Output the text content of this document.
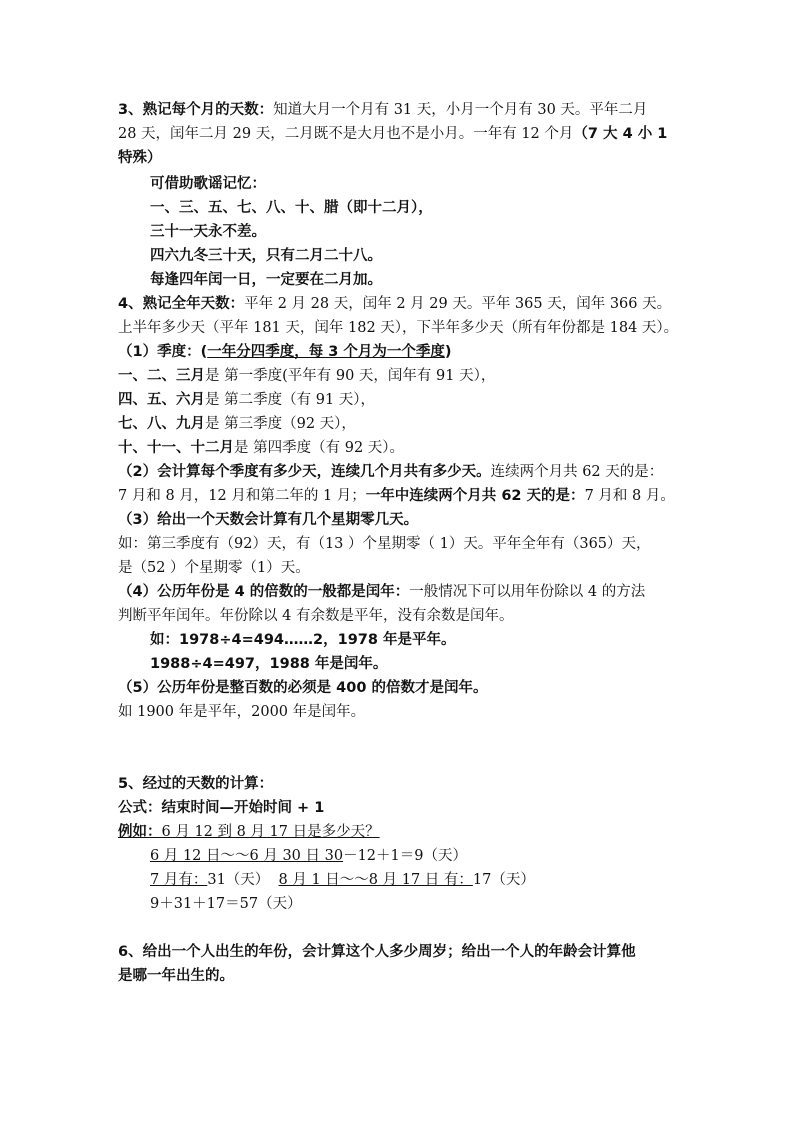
3、熟记每个月的天数：知道大月一个月有 31 天，小月一个月有 30 天。平年二月
28 天，闰年二月 29 天，二月既不是大月也不是小月。一年有 12 个月（7 大 4 小 1
特殊）
可借助歌谣记忆：
一、三、五、七、八、十、腊（即十二月），
三十一天永不差。
四六九冬三十天，只有二月二十八。
每逢四年闰一日，一定要在二月加。
4、熟记全年天数：平年 2 月 28 天，闰年 2 月 29 天。平年 365 天，闰年 366 天。
上半年多少天（平年 181 天，闰年 182 天），下半年多少天（所有年份都是 184 天）。
（1）季度：(一年分四季度，每 3 个月为一个季度)
一、二、三月是 第一季度(平年有 90 天，闰年有 91 天），
四、五、六月是 第二季度（有 91 天），
七、八、九月是 第三季度（92 天），
十、十一、十二月是 第四季度（有 92 天）。
（2）会计算每个季度有多少天，连续几个月共有多少天。连续两个月共 62 天的是：
7 月和 8 月，12 月和第二年的 1 月；一年中连续两个月共 62 天的是：7 月和 8 月。
（3）给出一个天数会计算有几个星期零几天。
如：第三季度有（92）天，有（13 ）个星期零（ 1）天。平年全年有（365）天，
是（52 ）个星期零（1）天。
（4）公历年份是 4 的倍数的一般都是闰年：一般情况下可以用年份除以 4 的方法
判断平年闰年。年份除以 4 有余数是平年，没有余数是闰年。
如：1978÷4=494……2，1978 年是平年。
1988÷4=497，1988 年是闰年。
（5）公历年份是整百数的必须是 400 的倍数才是闰年。
如 1900 年是平年，2000 年是闰年。
5、经过的天数的计算：
公式：结束时间—开始时间 + 1
例如：6 月 12 到 8 月 17 日是多少天？
6 月 12 日～～6 月 30 日 30－12＋1＝9（天）
7 月有：31（天） 8 月 1 日～～8 月 17 日 有：17（天）
9＋31＋17＝57（天）
6、给出一个人出生的年份，会计算这个人多少周岁；给出一个人的年龄会计算他
是哪一年出生的。
